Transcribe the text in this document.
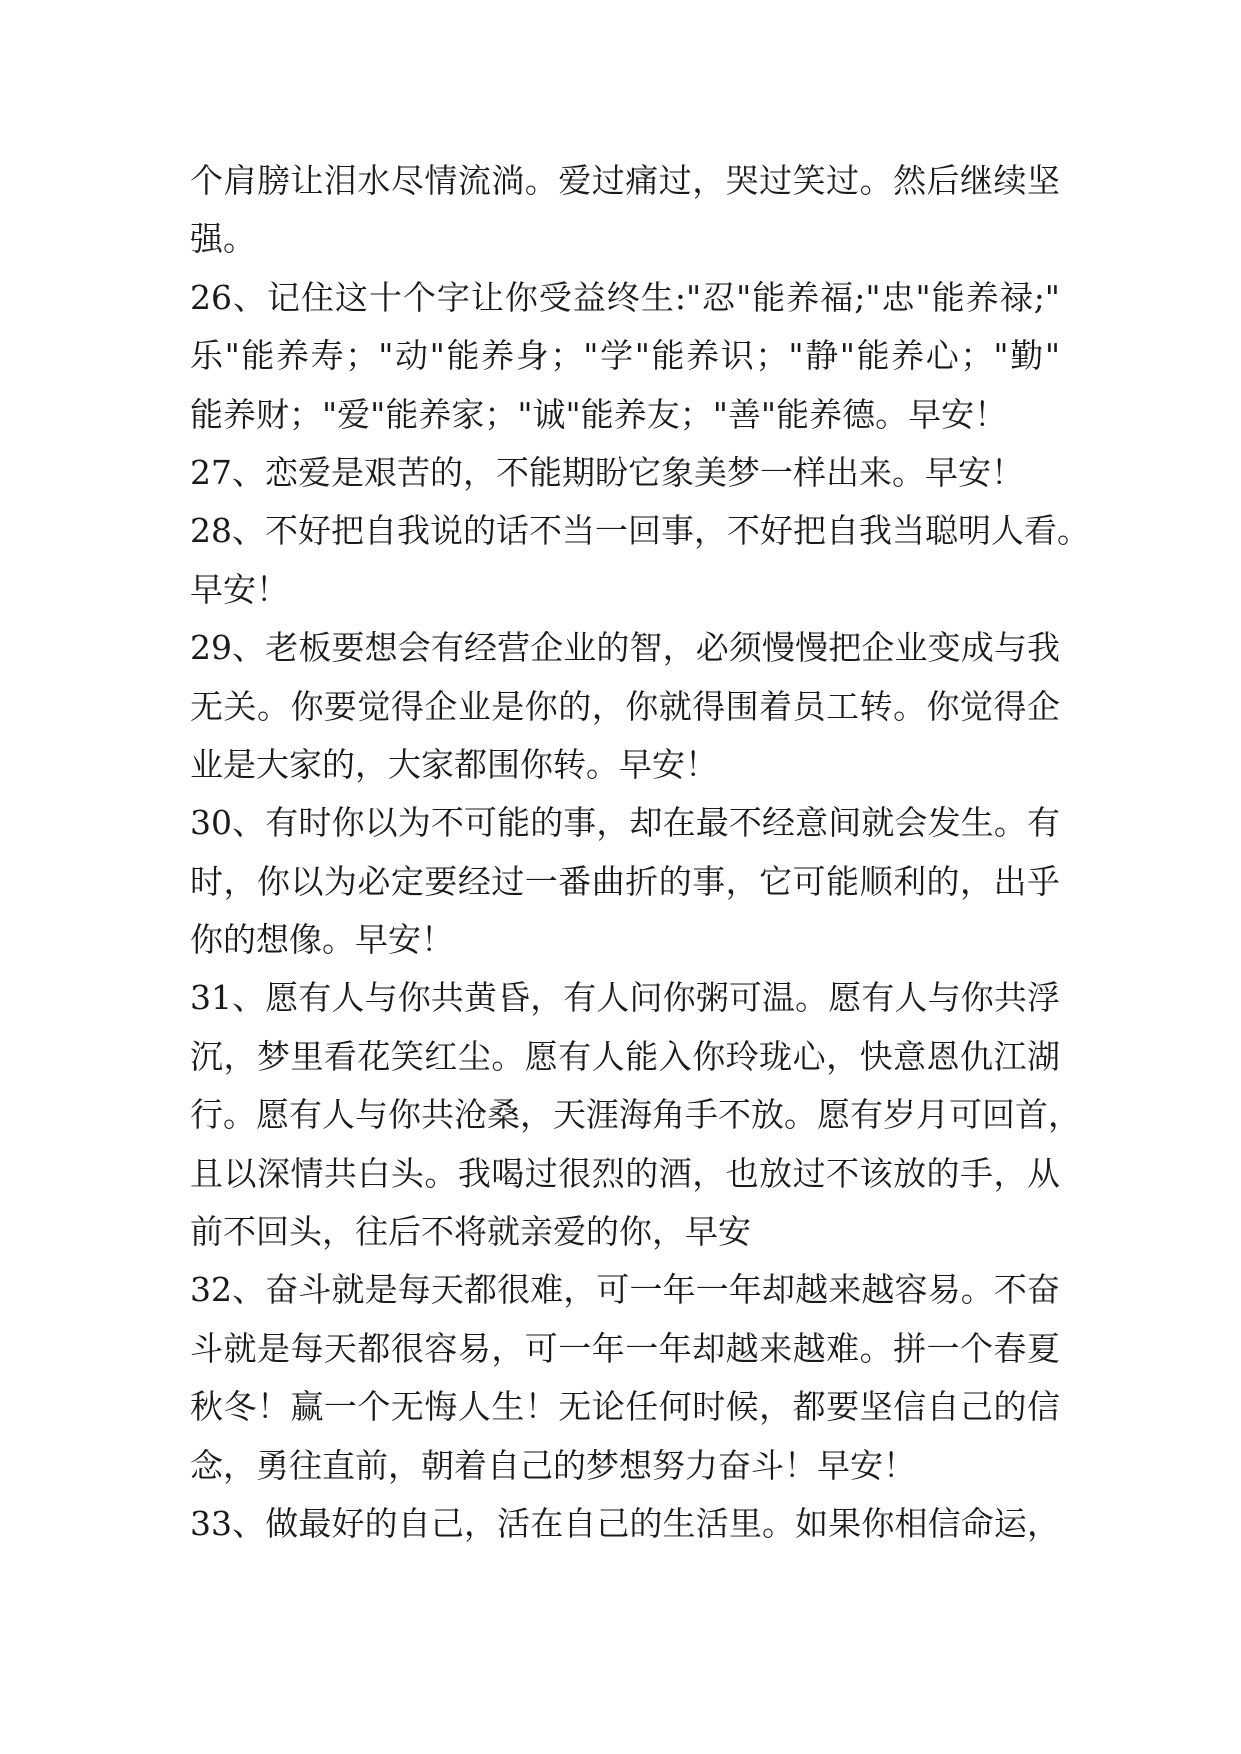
个肩膀让泪水尽情流淌。爱过痛过，哭过笑过。然后继续坚
强。
26、记住这十个字让你受益终生:"忍"能养福;"忠"能养禄;"
乐"能养寿；"动"能养身；"学"能养识；"静"能养心；"勤"
能养财；"爱"能养家；"诚"能养友；"善"能养德。早安！
27、恋爱是艰苦的，不能期盼它象美梦一样出来。早安！
28、不好把自我说的话不当一回事，不好把自我当聪明人看。
早安！
29、老板要想会有经营企业的智，必须慢慢把企业变成与我
无关。你要觉得企业是你的，你就得围着员工转。你觉得企
业是大家的，大家都围你转。早安！
30、有时你以为不可能的事，却在最不经意间就会发生。有
时，你以为必定要经过一番曲折的事，它可能顺利的，出乎
你的想像。早安！
31、愿有人与你共黄昏，有人问你粥可温。愿有人与你共浮
沉，梦里看花笑红尘。愿有人能入你玲珑心，快意恩仇江湖
行。愿有人与你共沧桑，天涯海角手不放。愿有岁月可回首，
且以深情共白头。我喝过很烈的酒，也放过不该放的手，从
前不回头，往后不将就亲爱的你，早安
32、奋斗就是每天都很难，可一年一年却越来越容易。不奋
斗就是每天都很容易，可一年一年却越来越难。拼一个春夏
秋冬！赢一个无悔人生！无论任何时候，都要坚信自己的信
念，勇往直前，朝着自己的梦想努力奋斗！早安！
33、做最好的自己，活在自己的生活里。如果你相信命运，
